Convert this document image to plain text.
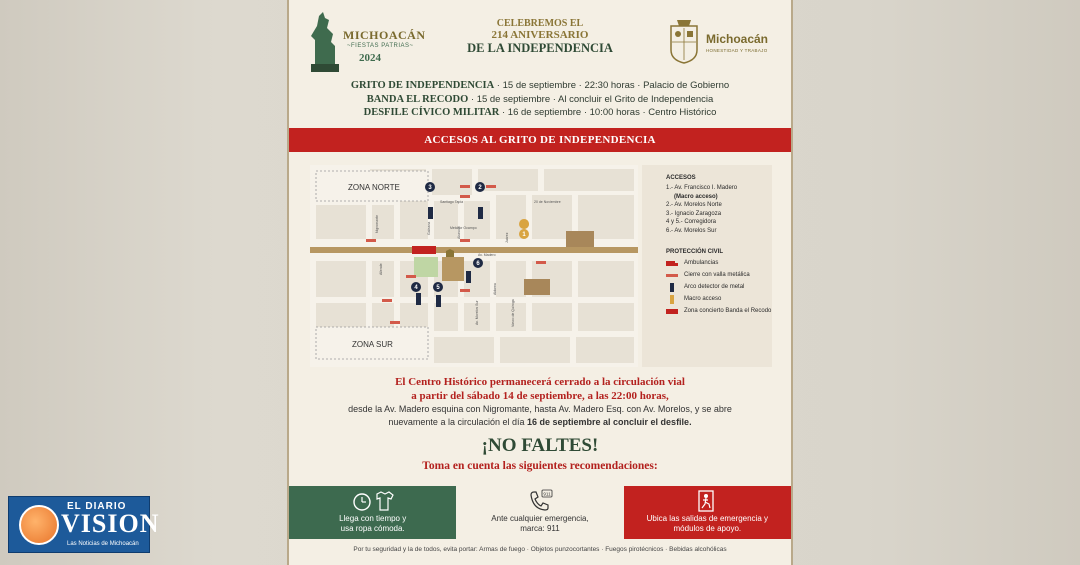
MICHOACÁN
~FIESTAS PATRIAS~
2024
CELEBREMOS EL
214 ANIVERSARIO
DE LA INDEPENDENCIA
Michoacán
HONESTIDAD Y TRABAJO
GRITO DE INDEPENDENCIA · 15 de septiembre · 22:30 horas · Palacio de Gobierno
BANDA EL RECODO · 15 de septiembre · Al concluir el Grito de Independencia
DESFILE CÍVICO MILITAR · 16 de septiembre · 10:00 horas · Centro Histórico
ACCESOS AL GRITO DE INDEPENDENCIA
ZONA NORTE
ZONA SUR
Av. Madero
Santiago Tapia	20 de Noviembre
Melchor Ocampo
Nigromante	Galeana	Abasolo
Allende
Av. Morelos Sur	Vasco de Quiroga
Juárez
Aldama
1
2
3
4	5
6
ACCESOS
1.- Av. Francisco I. Madero
(Macro acceso)
2.- Av. Morelos Norte
3.- Ignacio Zaragoza
4 y 5.- Corregidora
6.- Av. Morelos Sur
PROTECCIÓN CIVIL
Ambulancias
Cierre con valla metálica
Arco detector de metal
Macro acceso
Zona concierto Banda el Recodo
El Centro Histórico permanecerá cerrado a la circulación vial
a partir del sábado 14 de septiembre, a las 22:00 horas,
desde la Av. Madero esquina con Nigromante, hasta Av. Madero Esq. con Av. Morelos, y se abre
nuevamente a la circulación el día 16 de septiembre al concluir el desfile.
¡NO FALTES!
Toma en cuenta las siguientes recomendaciones:
Llega con tiempo y
usa ropa cómoda.
911
Ante cualquier emergencia,
marca: 911
Ubica las salidas de emergencia y
módulos de apoyo.
Por tu seguridad y la de todos, evita portar: Armas de fuego · Objetos punzocortantes · Fuegos pirotécnicos · Bebidas alcohólicas
EL DIARIO
VISION
Las Noticias de Michoacán
